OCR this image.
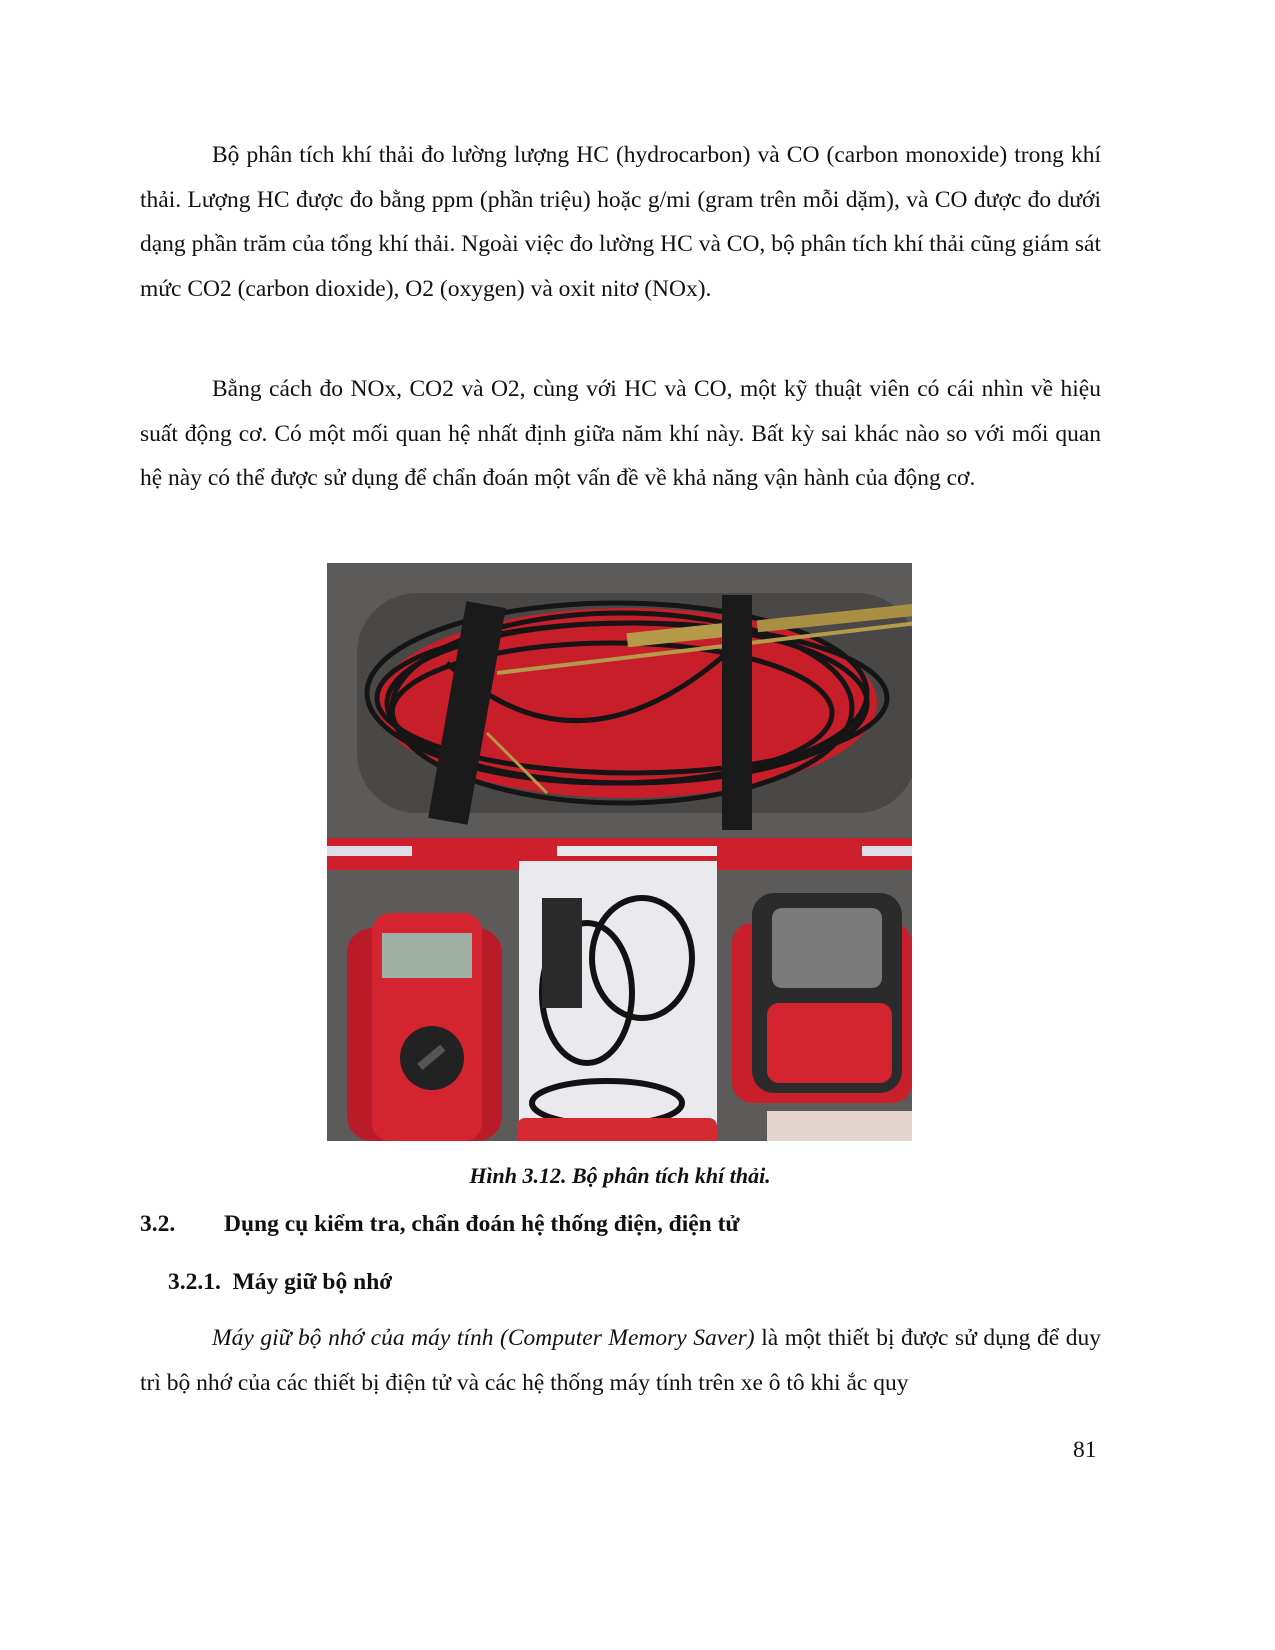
Bộ phân tích khí thải đo lường lượng HC (hydrocarbon) và CO (carbon monoxide) trong khí thải. Lượng HC được đo bằng ppm (phần triệu) hoặc g/mi (gram trên mỗi dặm), và CO được đo dưới dạng phần trăm của tổng khí thải. Ngoài việc đo lường HC và CO, bộ phân tích khí thải cũng giám sát mức CO2 (carbon dioxide), O2 (oxygen) và oxit nitơ (NOx).

Bằng cách đo NOx, CO2 và O2, cùng với HC và CO, một kỹ thuật viên có cái nhìn về hiệu suất động cơ. Có một mối quan hệ nhất định giữa năm khí này. Bất kỳ sai khác nào so với mối quan hệ này có thể được sử dụng để chẩn đoán một vấn đề về khả năng vận hành của động cơ.

Hình 3.12. Bộ phân tích khí thải.
3.2. Dụng cụ kiểm tra, chẩn đoán hệ thống điện, điện tử
3.2.1. Máy giữ bộ nhớ

Máy giữ bộ nhớ của máy tính (Computer Memory Saver) là một thiết bị được sử dụng để duy trì bộ nhớ của các thiết bị điện tử và các hệ thống máy tính trên xe ô tô khi ắc quy

81
